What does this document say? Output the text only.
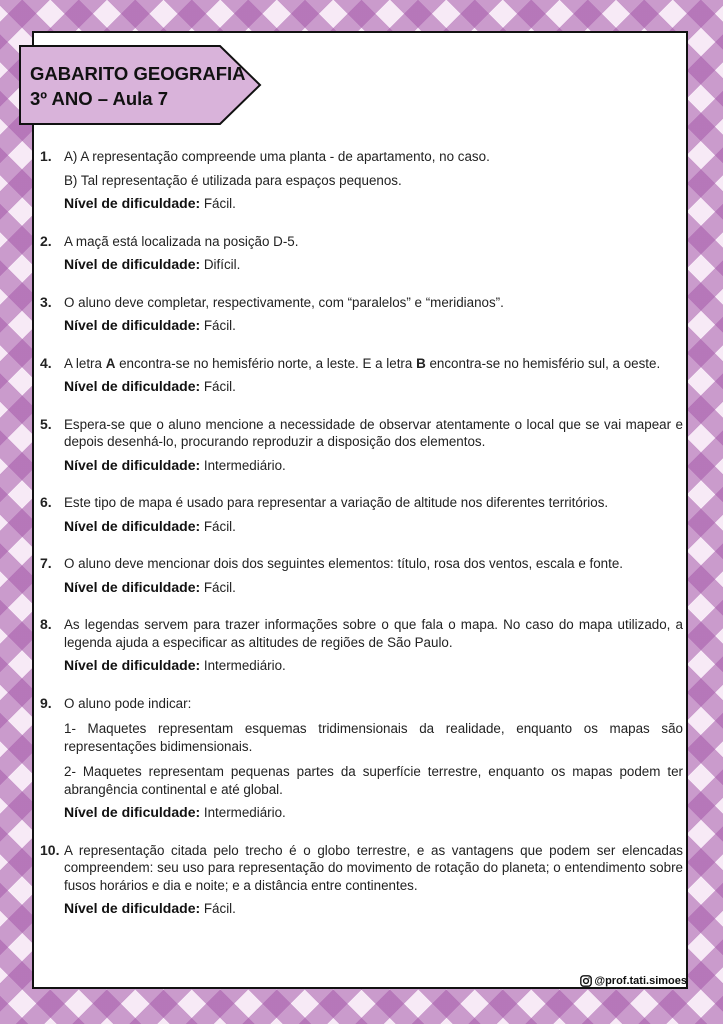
GABARITO GEOGRAFIA
3º ANO – Aula 7
1. A) A representação compreende uma planta - de apartamento, no caso.

B) Tal representação é utilizada para espaços pequenos.

Nível de dificuldade: Fácil.

2. A maçã está localizada na posição D-5.

Nível de dificuldade: Difícil.

3. O aluno deve completar, respectivamente, com “paralelos” e “meridianos”.

Nível de dificuldade: Fácil.

4. A letra A encontra-se no hemisfério norte, a leste. E a letra B encontra-se no hemisfério sul, a oeste.

Nível de dificuldade: Fácil.

5. Espera-se que o aluno mencione a necessidade de observar atentamente o local que se vai mapear e depois desenhá-lo, procurando reproduzir a disposição dos elementos.

Nível de dificuldade: Intermediário.

6. Este tipo de mapa é usado para representar a variação de altitude nos diferentes territórios.

Nível de dificuldade: Fácil.

7. O aluno deve mencionar dois dos seguintes elementos: título, rosa dos ventos, escala e fonte.

Nível de dificuldade: Fácil.

8. As legendas servem para trazer informações sobre o que fala o mapa. No caso do mapa utilizado, a legenda ajuda a especificar as altitudes de regiões de São Paulo.

Nível de dificuldade: Intermediário.

9. O aluno pode indicar:

1- Maquetes representam esquemas tridimensionais da realidade, enquanto os mapas são representações bidimensionais.

2- Maquetes representam pequenas partes da superfície terrestre, enquanto os mapas podem ter abrangência continental e até global.

Nível de dificuldade: Intermediário.

10. A representação citada pelo trecho é o globo terrestre, e as vantagens que podem ser elencadas compreendem: seu uso para representação do movimento de rotação do planeta; o entendimento sobre fusos horários e dia e noite; e a distância entre continentes.

Nível de dificuldade: Fácil.

@prof.tati.simoes
